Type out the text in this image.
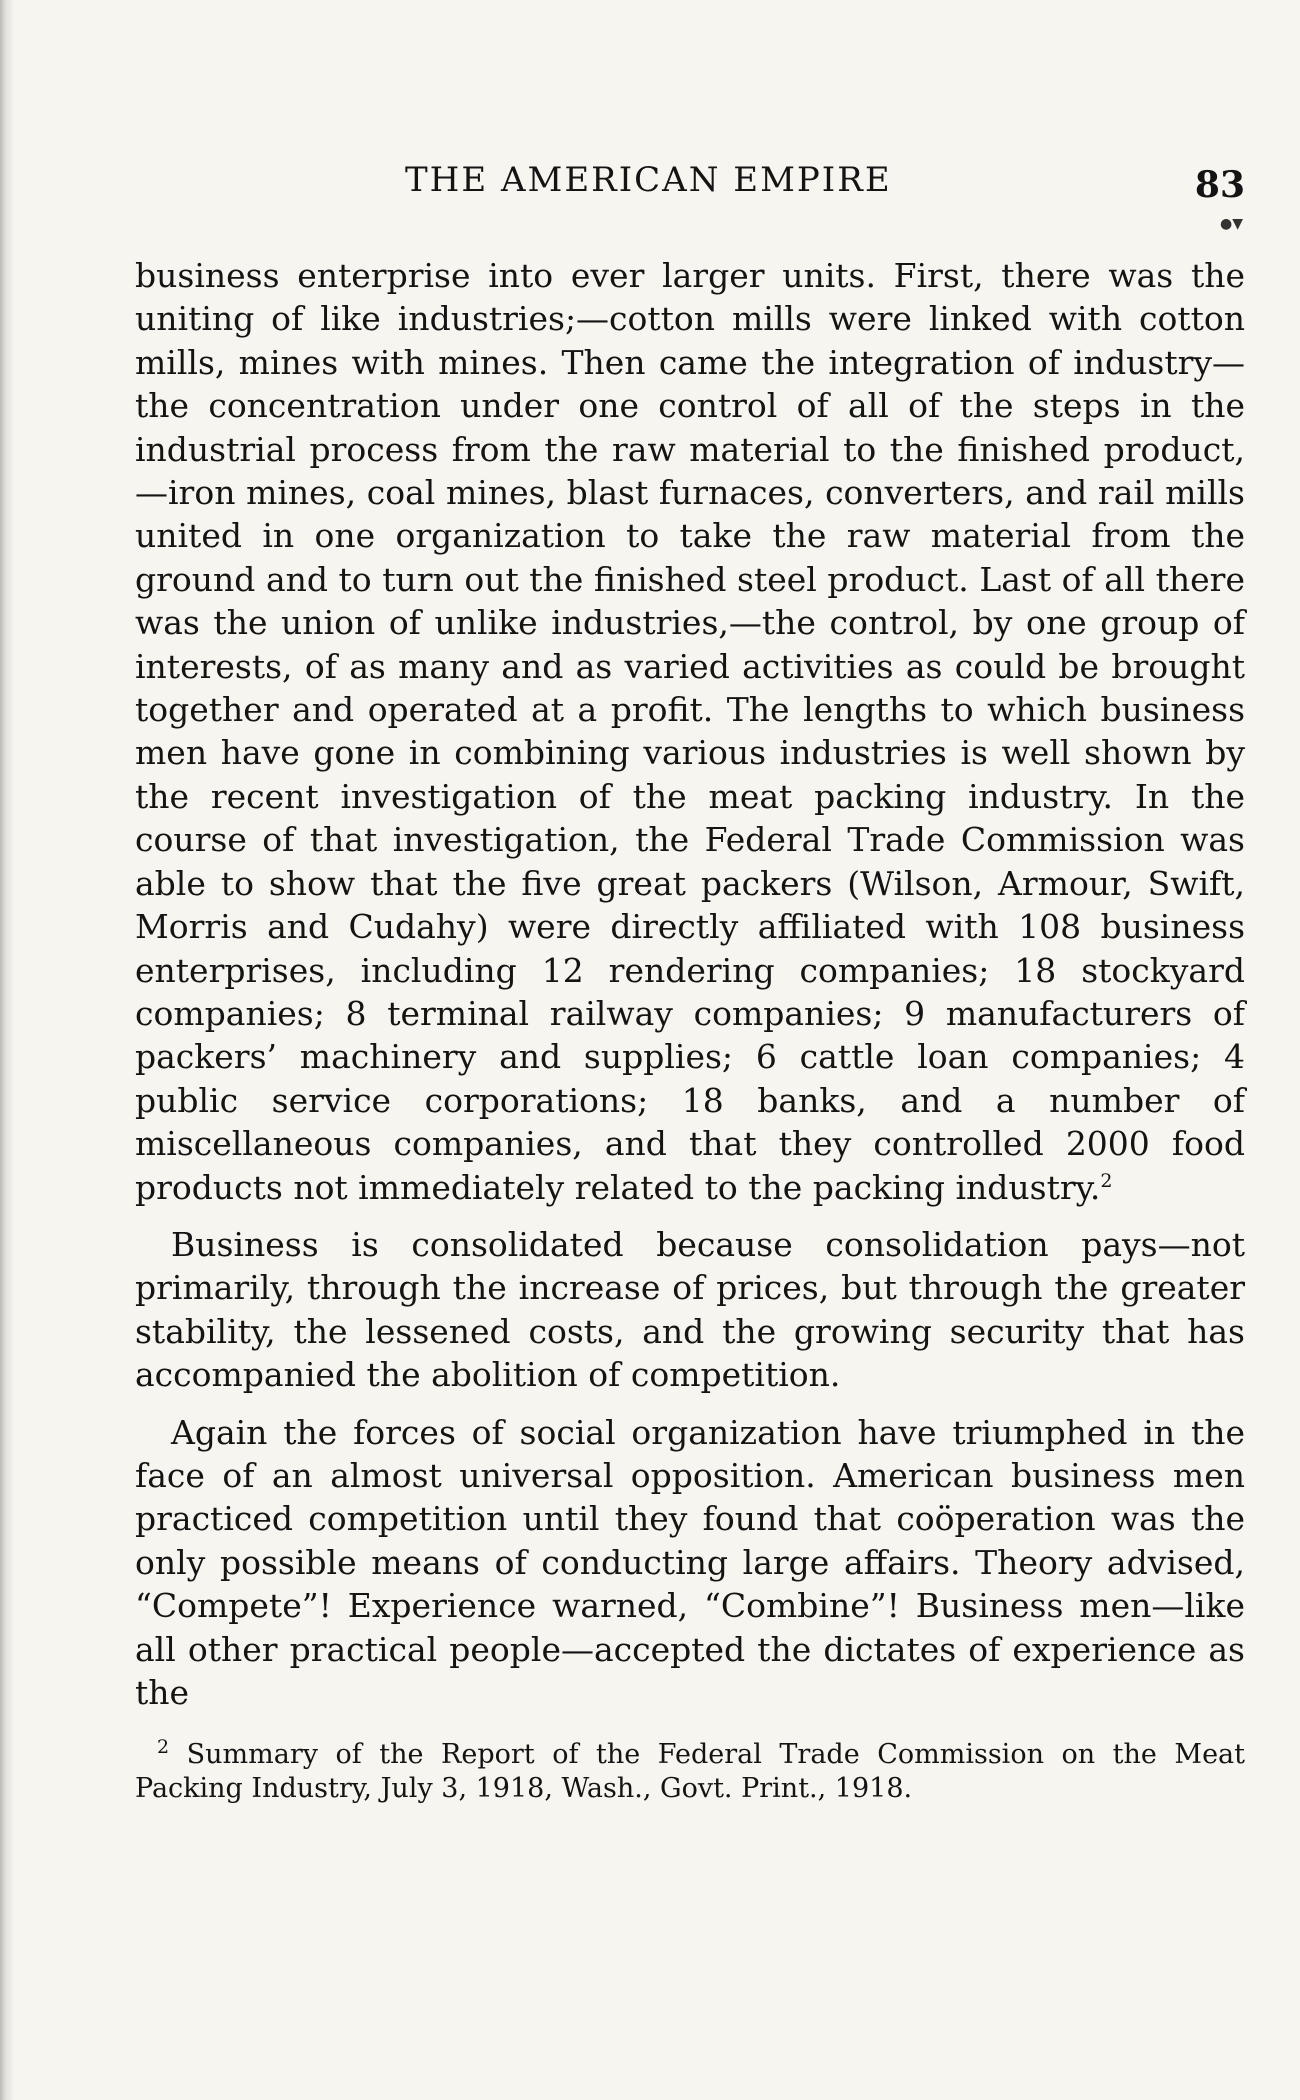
THE AMERICAN EMPIRE	83
●▼

business enterprise into ever larger units. First, there was the uniting of like industries;—cotton mills were linked with cotton mills, mines with mines. Then came the integration of industry—the concentration under one control of all of the steps in the industrial process from the raw material to the finished product,—iron mines, coal mines, blast furnaces, converters, and rail mills united in one organization to take the raw material from the ground and to turn out the finished steel product. Last of all there was the union of unlike industries,—the control, by one group of interests, of as many and as varied activities as could be brought together and operated at a profit. The lengths to which business men have gone in combining various industries is well shown by the recent investigation of the meat packing industry. In the course of that investigation, the Federal Trade Commission was able to show that the five great packers (Wilson, Armour, Swift, Morris and Cudahy) were directly affiliated with 108 business enterprises, including 12 rendering companies; 18 stockyard companies; 8 terminal railway companies; 9 manufacturers of packers’ machinery and supplies; 6 cattle loan companies; 4 public service corporations; 18 banks, and a number of miscellaneous companies, and that they controlled 2000 food products not immediately related to the packing industry.$^2$

Business is consolidated because consolidation pays—not primarily, through the increase of prices, but through the greater stability, the lessened costs, and the growing security that has accompanied the abolition of competition.

Again the forces of social organization have triumphed in the face of an almost universal opposition. American business men practiced competition until they found that coöperation was the only possible means of conducting large affairs. Theory advised, “Compete”! Experience warned, “Combine”! Business men—like all other practical people—accepted the dictates of experience as the

$^2$ Summary of the Report of the Federal Trade Commission on the Meat Packing Industry, July 3, 1918, Wash., Govt. Print., 1918.
